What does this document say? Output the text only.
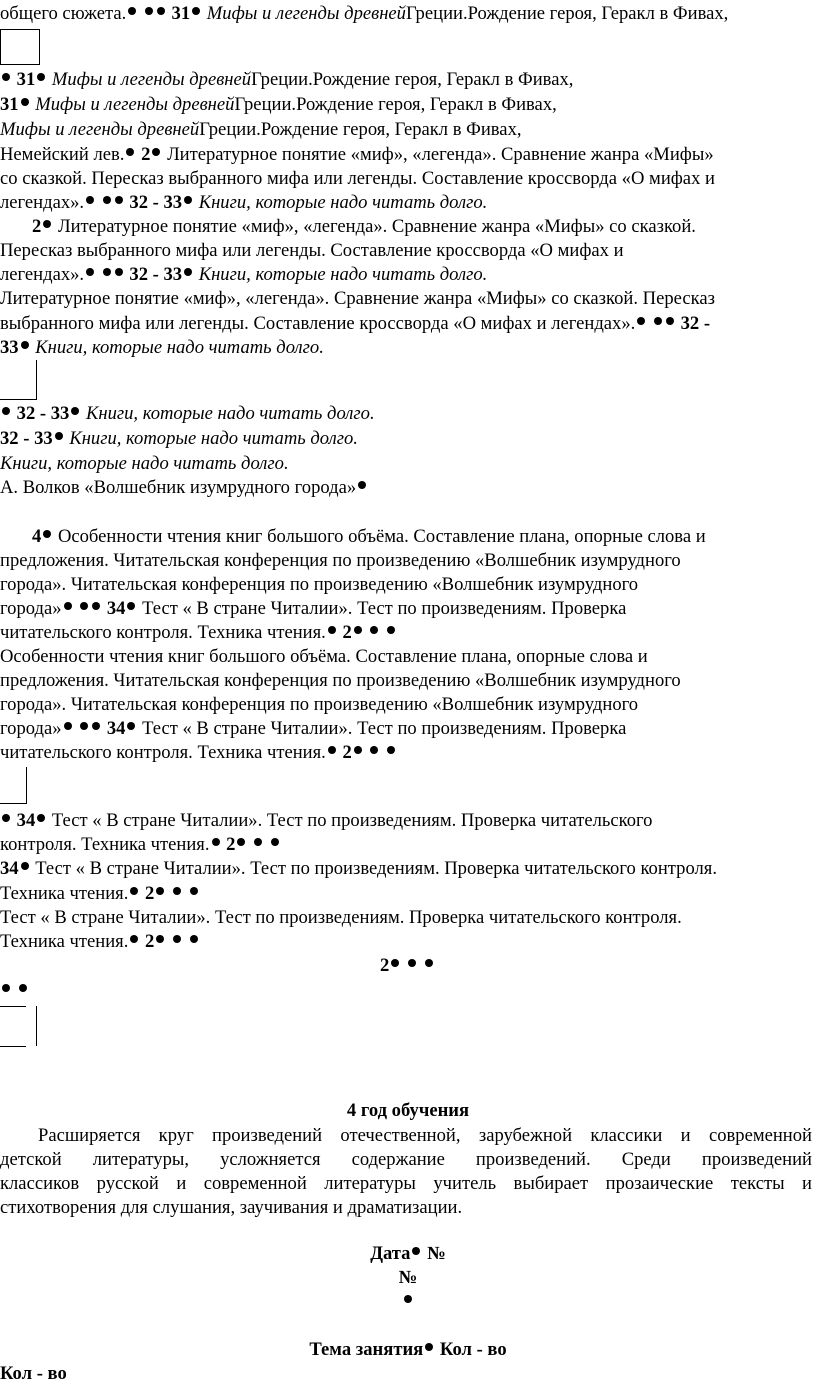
общего сюжета. 31 Мифы и легенды древнейГреции.Рождение героя, Геракл в Фивах,
31 Мифы и легенды древнейГреции.Рождение героя, Геракл в Фивах,
31 Мифы и легенды древнейГреции.Рождение героя, Геракл в Фивах,
Мифы и легенды древнейГреции.Рождение героя, Геракл в Фивах,
Немейский лев. 2 Литературное понятие «миф», «легенда». Сравнение жанра «Мифы»
со сказкой. Пересказ выбранного мифа или легенды. Составление кроссворда «О мифах и
легендах». 32 - 33 Книги, которые надо читать долго.
2 Литературное понятие «миф», «легенда». Сравнение жанра «Мифы» со сказкой.
Пересказ выбранного мифа или легенды. Составление кроссворда «О мифах и
легендах». 32 - 33 Книги, которые надо читать долго.
Литературное понятие «миф», «легенда». Сравнение жанра «Мифы» со сказкой. Пересказ
выбранного мифа или легенды. Составление кроссворда «О мифах и легендах». 32 -
33 Книги, которые надо читать долго.
32 - 33 Книги, которые надо читать долго.
32 - 33 Книги, которые надо читать долго.
Книги, которые надо читать долго.
А. Волков «Волшебник изумрудного города»
4 Особенности чтения книг большого объёма. Составление плана, опорные слова и
предложения. Читательская конференция по произведению «Волшебник изумрудного
города». Читательская конференция по произведению «Волшебник изумрудного
города» 34 Тест « В стране Читалии». Тест по произведениям. Проверка
читательского контроля. Техника чтения. 2
Особенности чтения книг большого объёма. Составление плана, опорные слова и
предложения. Читательская конференция по произведению «Волшебник изумрудного
города». Читательская конференция по произведению «Волшебник изумрудного
города» 34 Тест « В стране Читалии». Тест по произведениям. Проверка
читательского контроля. Техника чтения. 2
34 Тест « В стране Читалии». Тест по произведениям. Проверка читательского
контроля. Техника чтения. 2
34 Тест « В стране Читалии». Тест по произведениям. Проверка читательского контроля.
Техника чтения. 2
Тест « В стране Читалии». Тест по произведениям. Проверка читательского контроля.
Техника чтения. 2
2

4 год обучения
Расширяется круг произведений отечественной, зарубежной классики и современной
детской литературы, усложняется содержание произведений. Среди произведений
классиков русской и современной литературы учитель выбирает прозаические тексты и
стихотворения для слушания, заучивания и драматизации.
Дата №
№
Тема занятия Кол - во
Кол - во
